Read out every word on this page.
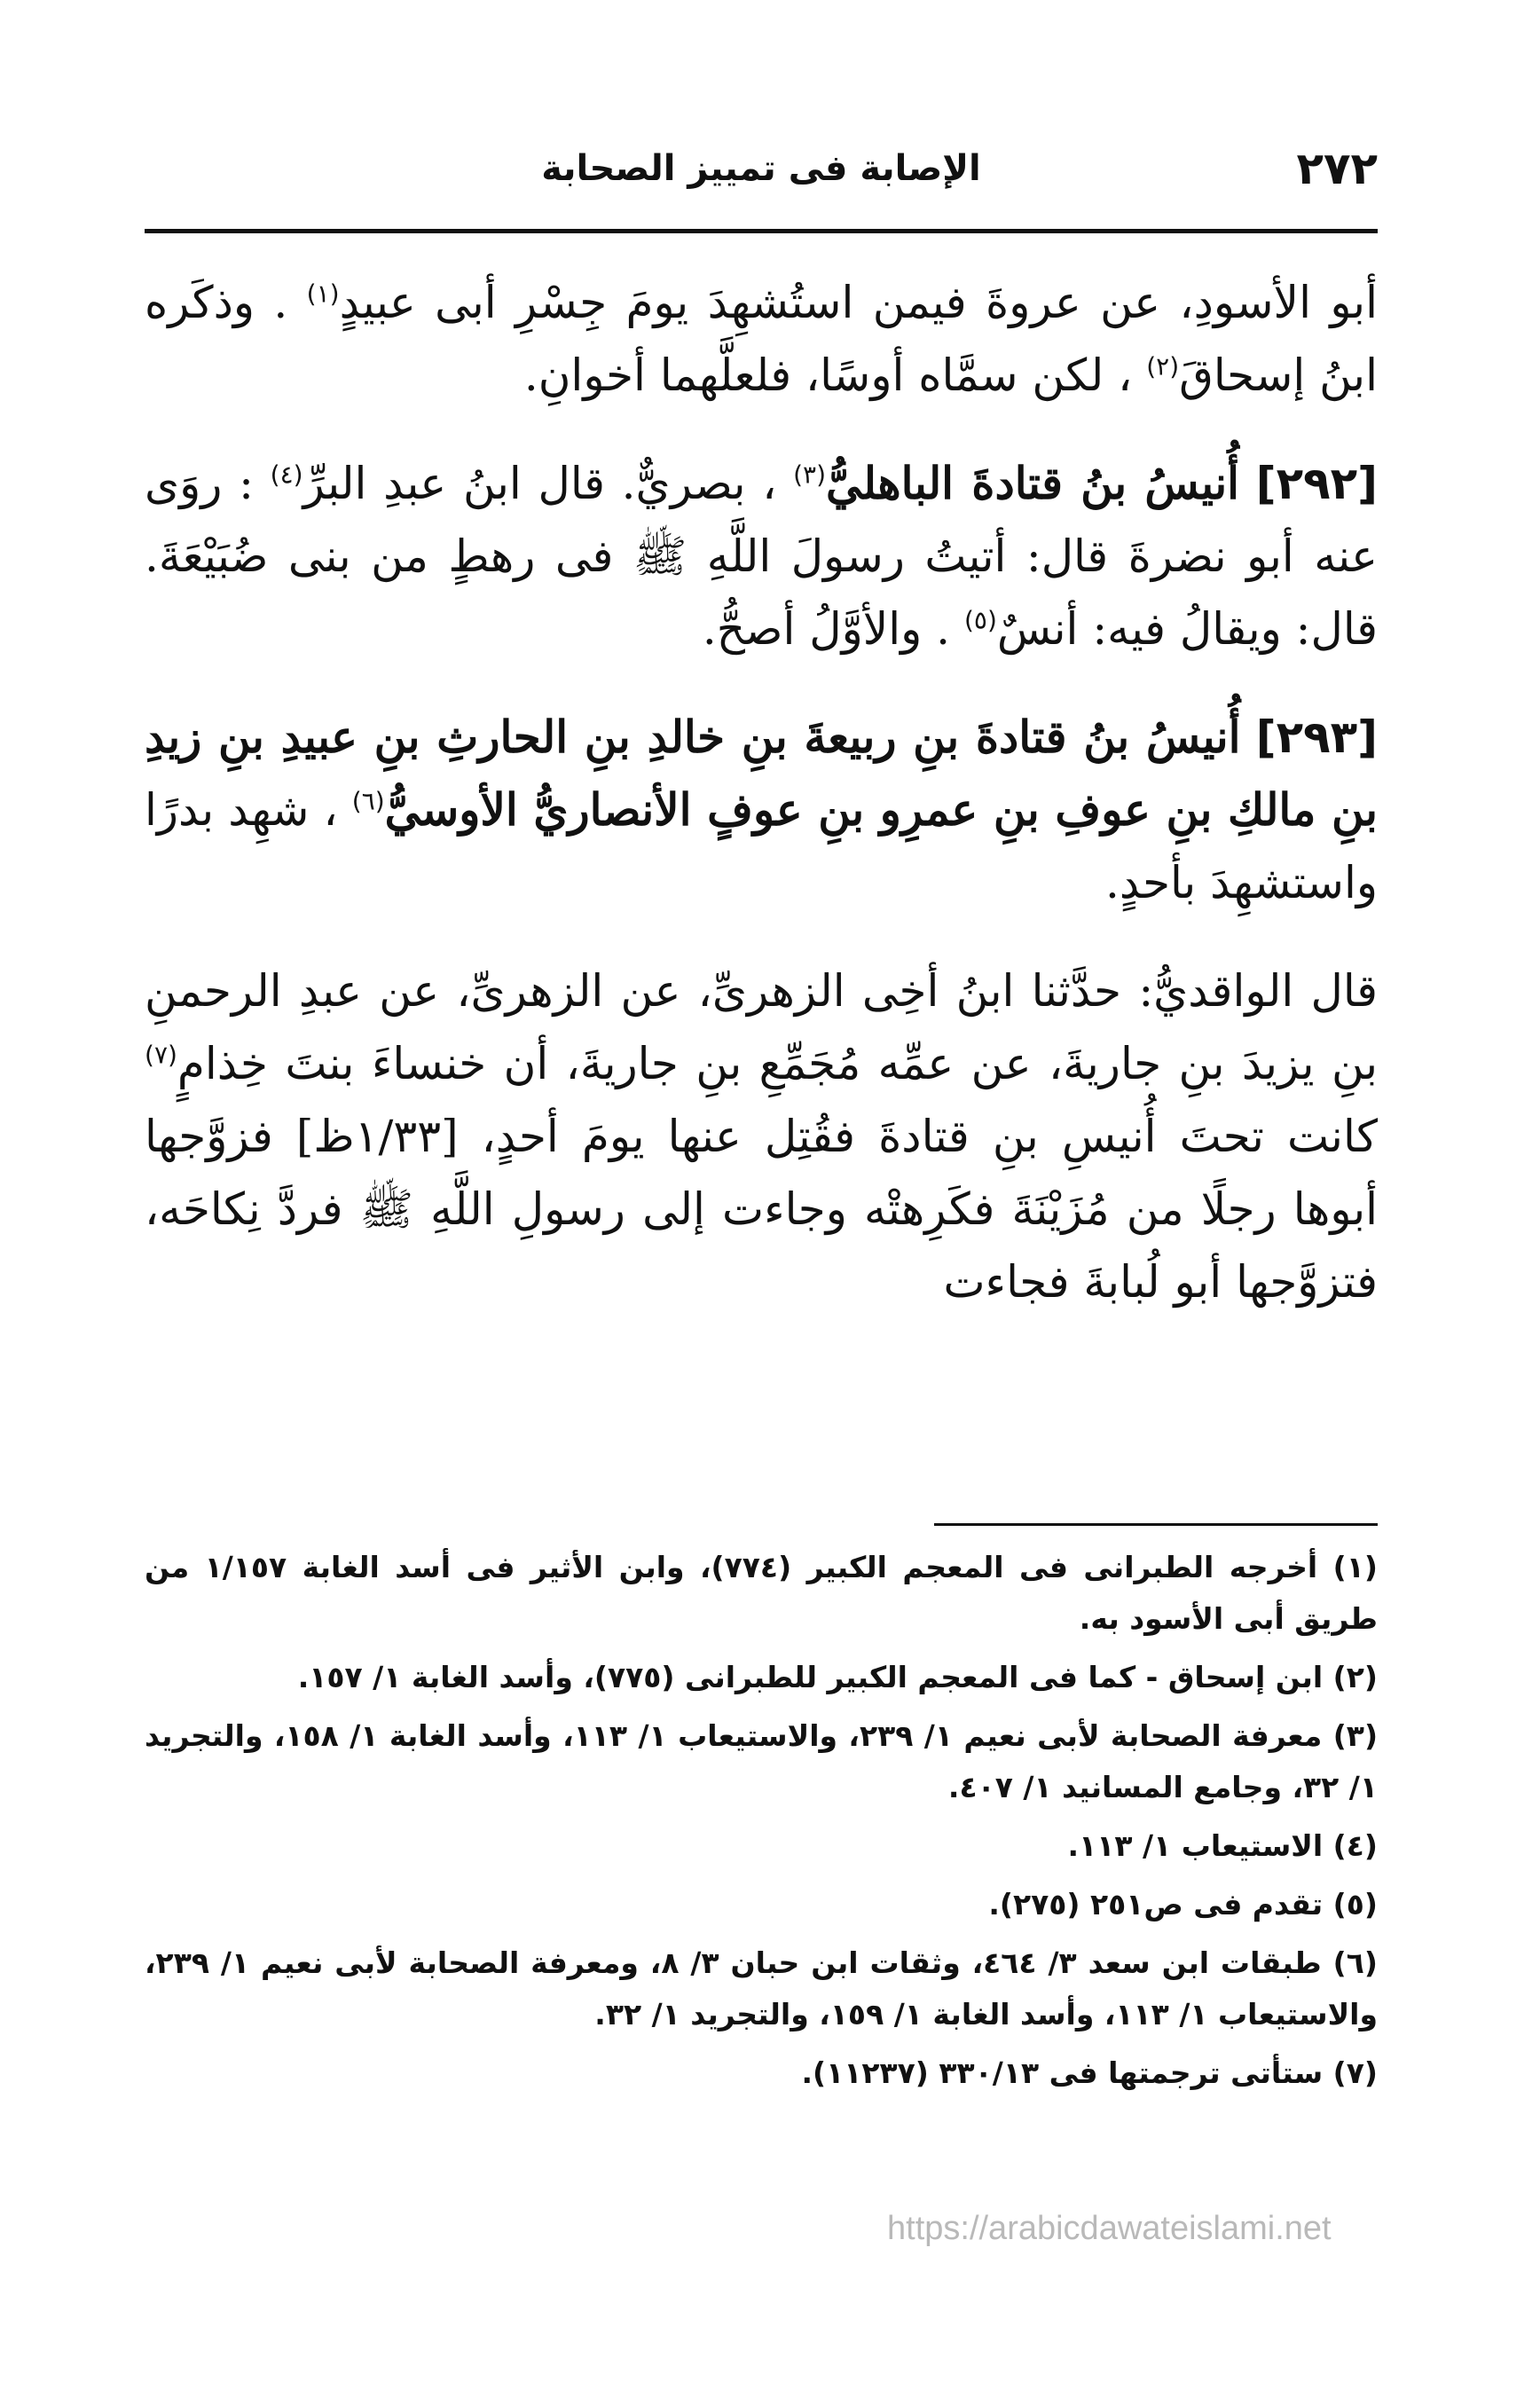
٢٧٢
الإصابة فى تمييز الصحابة

أبو الأسودِ، عن عروةَ فيمن استُشهِدَ يومَ جِسْرِ أبى عبيدٍ$^{(١)}$ . وذكَره ابنُ إسحاقَ$^{(٢)}$ ، لكن سمَّاه أوسًا، فلعلَّهما أخوانِ.

[٢٩٢] أُنيسُ بنُ قتادةَ الباهليُّ$^{(٣)}$ ، بصريٌّ. قال ابنُ عبدِ البرِّ$^{(٤)}$ : روَى عنه أبو نضرةَ قال: أتيتُ رسولَ اللَّهِ ﷺ فى رهطٍ من بنى ضُبَيْعَةَ. قال: ويقالُ فيه: أنسٌ$^{(٥)}$ . والأوَّلُ أصحُّ.

[٢٩٣] أُنيسُ بنُ قتادةَ بنِ ربيعةَ بنِ خالدِ بنِ الحارثِ بنِ عبيدِ بنِ زيدِ بنِ مالكِ بنِ عوفِ بنِ عمرِو بنِ عوفٍ الأنصاريُّ الأوسيُّ$^{(٦)}$ ، شهِد بدرًا واستشهِدَ بأحدٍ.

قال الواقديُّ: حدَّثنا ابنُ أخِى الزهرىِّ، عن الزهرىِّ، عن عبدِ الرحمنِ بنِ يزيدَ بنِ جاريةَ، عن عمِّه مُجَمِّعِ بنِ جاريةَ، أن خنساءَ بنتَ خِذامٍ$^{(٧)}$ كانت تحتَ أُنيسِ بنِ قتادةَ فقُتِل عنها يومَ أحدٍ، [١/٣٣ظ] فزوَّجها أبوها رجلًا من مُزَيْنَةَ فكَرِهتْه وجاءت إلى رسولِ اللَّهِ ﷺ فردَّ نِكاحَه، فتزوَّجها أبو لُبابةَ فجاءت

(١) أخرجه الطبرانى فى المعجم الكبير (٧٧٤)، وابن الأثير فى أسد الغابة ١/١٥٧ من طريق أبى الأسود به.

(٢) ابن إسحاق - كما فى المعجم الكبير للطبرانى (٧٧٥)، وأسد الغابة ١/ ١٥٧.

(٣) معرفة الصحابة لأبى نعيم ١/ ٢٣٩، والاستيعاب ١/ ١١٣، وأسد الغابة ١/ ١٥٨، والتجريد ١/ ٣٢، وجامع المسانيد ١/ ٤٠٧.

(٤) الاستيعاب ١/ ١١٣.

(٥) تقدم فى ص٢٥١ (٢٧٥).

(٦) طبقات ابن سعد ٣/ ٤٦٤، وثقات ابن حبان ٣/ ٨، ومعرفة الصحابة لأبى نعيم ١/ ٢٣٩، والاستيعاب ١/ ١١٣، وأسد الغابة ١/ ١٥٩، والتجريد ١/ ٣٢.

(٧) ستأتى ترجمتها فى ٣٣٠/١٣ (١١٢٣٧).

https://arabicdawateislami.net
